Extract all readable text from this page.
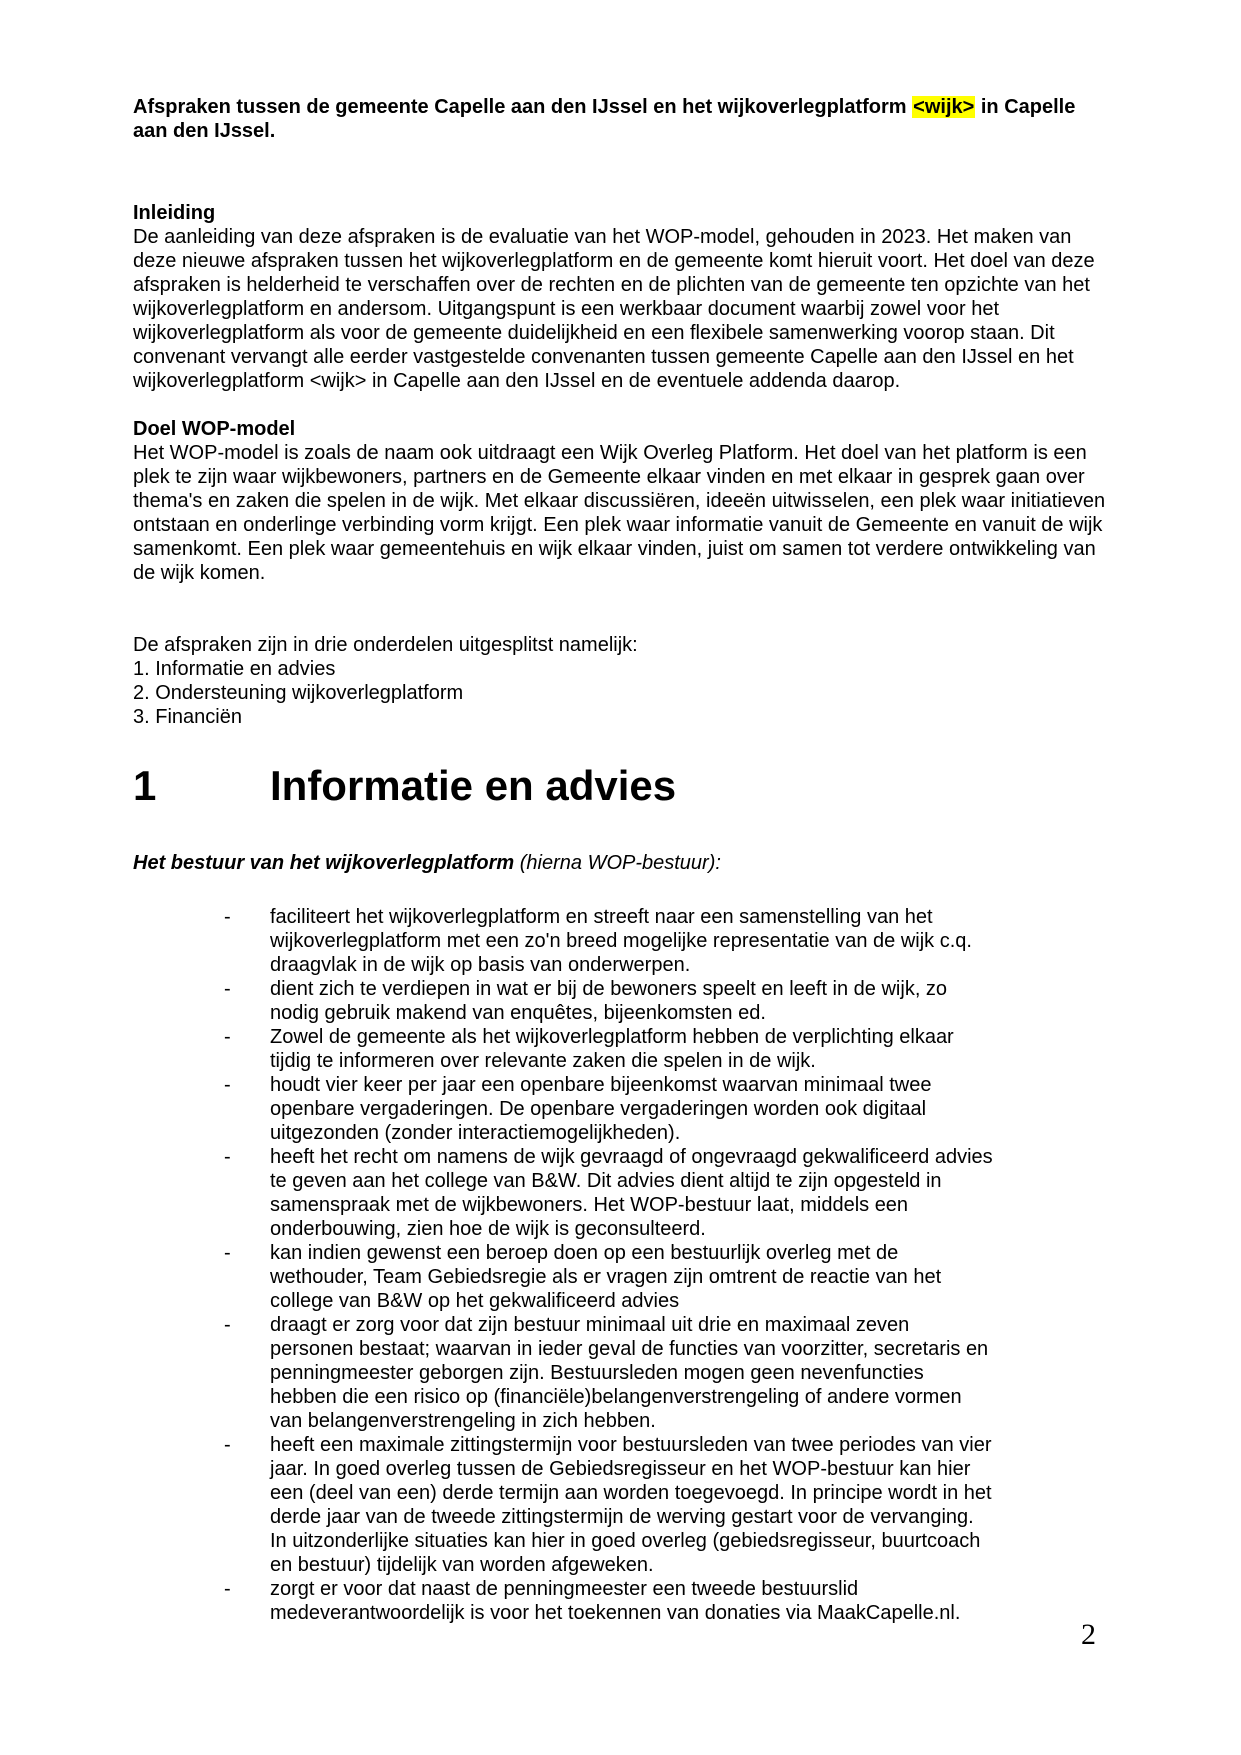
Afspraken tussen de gemeente Capelle aan den IJssel en het wijkoverlegplatform <wijk> in Capelle aan den IJssel.

Inleiding

De aanleiding van deze afspraken is de evaluatie van het WOP-model, gehouden in 2023. Het maken van deze nieuwe afspraken tussen het wijkoverlegplatform en de gemeente komt hieruit voort. Het doel van deze afspraken is helderheid te verschaffen over de rechten en de plichten van de gemeente ten opzichte van het wijkoverlegplatform en andersom. Uitgangspunt is een werkbaar document waarbij zowel voor het wijkoverlegplatform als voor de gemeente duidelijkheid en een flexibele samenwerking voorop staan. Dit convenant vervangt alle eerder vastgestelde convenanten tussen gemeente Capelle aan den IJssel en het wijkoverlegplatform <wijk> in Capelle aan den IJssel en de eventuele addenda daarop.

Doel WOP-model

Het WOP-model is zoals de naam ook uitdraagt een Wijk Overleg Platform. Het doel van het platform is een plek te zijn waar wijkbewoners, partners en de Gemeente elkaar vinden en met elkaar in gesprek gaan over thema's en zaken die spelen in de wijk. Met elkaar discussiëren, ideeën uitwisselen, een plek waar initiatieven ontstaan en onderlinge verbinding vorm krijgt. Een plek waar informatie vanuit de Gemeente en vanuit de wijk samenkomt. Een plek waar gemeentehuis en wijk elkaar vinden, juist om samen tot verdere ontwikkeling van de wijk komen.

De afspraken zijn in drie onderdelen uitgesplitst namelijk:

1. Informatie en advies
2. Ondersteuning wijkoverlegplatform
3. Financiën
1	Informatie en advies

Het bestuur van het wijkoverlegplatform (hierna WOP-bestuur):

-	faciliteert het wijkoverlegplatform en streeft naar een samenstelling van het wijkoverlegplatform met een zo'n breed mogelijke representatie van de wijk c.q. draagvlak in de wijk op basis van onderwerpen.
-	dient zich te verdiepen in wat er bij de bewoners speelt en leeft in de wijk, zo nodig gebruik makend van enquêtes, bijeenkomsten ed.
-	Zowel de gemeente als het wijkoverlegplatform hebben de verplichting elkaar tijdig te informeren over relevante zaken die spelen in de wijk.
-	houdt vier keer per jaar een openbare bijeenkomst waarvan minimaal twee openbare vergaderingen. De openbare vergaderingen worden ook digitaal uitgezonden (zonder interactiemogelijkheden).
-	heeft het recht om namens de wijk gevraagd of ongevraagd gekwalificeerd advies te geven aan het college van B&W. Dit advies dient altijd te zijn opgesteld in samenspraak met de wijkbewoners. Het WOP-bestuur laat, middels een onderbouwing, zien hoe de wijk is geconsulteerd.
-	kan indien gewenst een beroep doen op een bestuurlijk overleg met de wethouder, Team Gebiedsregie als er vragen zijn omtrent de reactie van het college van B&W op het gekwalificeerd advies
-	draagt er zorg voor dat zijn bestuur minimaal uit drie en maximaal zeven personen bestaat; waarvan in ieder geval de functies van voorzitter, secretaris en penningmeester geborgen zijn. Bestuursleden mogen geen nevenfuncties hebben die een risico op (financiële)belangenverstrengeling of andere vormen van belangenverstrengeling in zich hebben.
-	heeft een maximale zittingstermijn voor bestuursleden van twee periodes van vier jaar. In goed overleg tussen de Gebiedsregisseur en het WOP-bestuur kan hier een (deel van een) derde termijn aan worden toegevoegd. In principe wordt in het derde jaar van de tweede zittingstermijn de werving gestart voor de vervanging. In uitzonderlijke situaties kan hier in goed overleg (gebiedsregisseur, buurtcoach en bestuur) tijdelijk van worden afgeweken.
-	zorgt er voor dat naast de penningmeester een tweede bestuurslid medeverantwoordelijk is voor het toekennen van donaties via MaakCapelle.nl.
2
